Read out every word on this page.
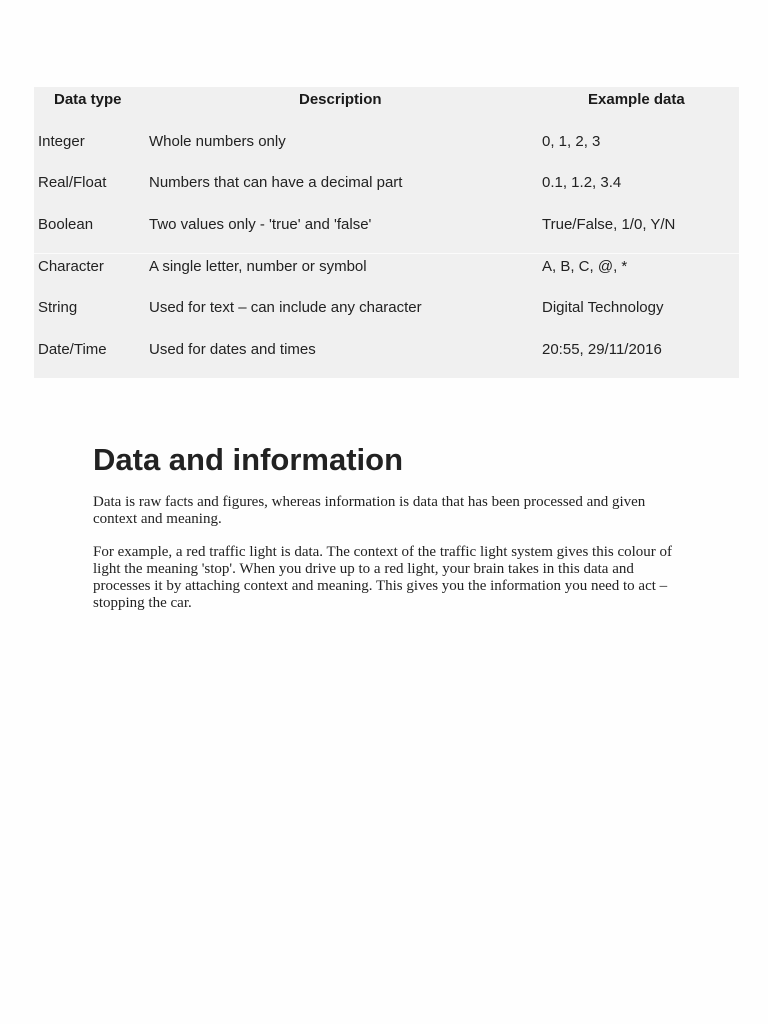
Data type	Description	Example data
Integer	Whole numbers only	0, 1, 2, 3
Real/Float	Numbers that can have a decimal part	0.1, 1.2, 3.4
Boolean	Two values only - 'true' and 'false'	True/False, 1/0, Y/N
Character	A single letter, number or symbol	A, B, C, @, *
String	Used for text – can include any character	Digital Technology
Date/Time	Used for dates and times	20:55, 29/11/2016
Data and information

Data is raw facts and figures, whereas information is data that has been processed and given context and meaning.

For example, a red traffic light is data. The context of the traffic light system gives this colour of light the meaning 'stop'. When you drive up to a red light, your brain takes in this data and processes it by attaching context and meaning. This gives you the information you need to act – stopping the car.
